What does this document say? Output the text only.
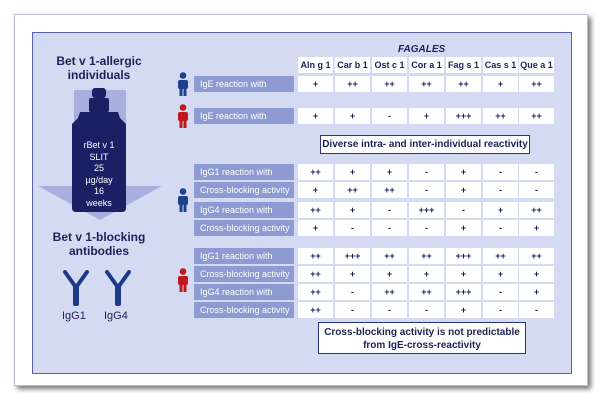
Bet v 1-allergic
individuals
rBet v 1
SLIT
25
µg/day
16
weeks
Bet v 1-blocking
antibodies
IgG1 IgG4
FAGALES
Aln g 1 Car b 1 Ost c 1 Cor a 1 Fag s 1 Cas s 1 Que a 1
IgE reaction with	+	++	++	++	++	+	++
IgE reaction with	+	+	-	+	+++	++	++
IgG1 reaction with	++	+	+	-	+	-	-
Cross-blocking activity	+	++	++	-	+	-	-
IgG4 reaction with	++	+	-	+++	-	+	++
Cross-blocking activity	+	-	-	-	+	-	+
IgG1 reaction with	++	+++	++	++	+++	++	++
Cross-blocking activity	++	+	+	+	+	+	+
IgG4 reaction with	++	-	++	++	+++	-	+
Cross-blocking activity	++	-	-	-	+	-	-
Diverse intra- and inter-individual reactivity
Cross-blocking activity is not predictable
from IgE-cross-reactivity
